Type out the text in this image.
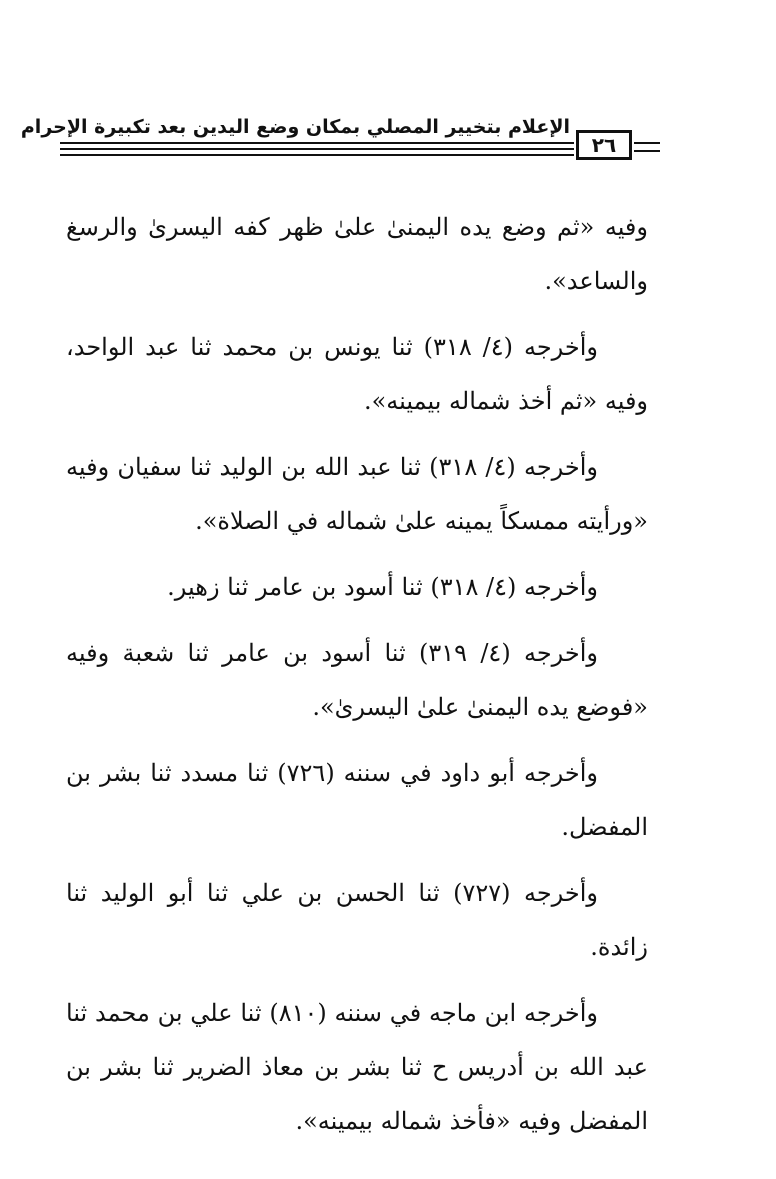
الإعلام بتخيير المصلي بمكان وضع اليدين بعد تكبيرة الإحرام
٢٦

وفيه «ثم وضع يده اليمنىٰ علىٰ ظهر كفه اليسرىٰ والرسغ والساعد».

وأخرجه (٤/ ٣١٨) ثنا يونس بن محمد ثنا عبد الواحد، وفيه «ثم أخذ شماله بيمينه».

وأخرجه (٤/ ٣١٨) ثنا عبد الله بن الوليد ثنا سفيان وفيه «ورأيته ممسكاً يمينه علىٰ شماله في الصلاة».

وأخرجه (٤/ ٣١٨) ثنا أسود بن عامر ثنا زهير.

وأخرجه (٤/ ٣١٩) ثنا أسود بن عامر ثنا شعبة وفيه «فوضع يده اليمنىٰ علىٰ اليسرىٰ».

وأخرجه أبو داود في سننه (٧٢٦) ثنا مسدد ثنا بشر بن المفضل.

وأخرجه (٧٢٧) ثنا الحسن بن علي ثنا أبو الوليد ثنا زائدة.

وأخرجه ابن ماجه في سننه (٨١٠) ثنا علي بن محمد ثنا عبد الله بن أدريس ح ثنا بشر بن معاذ الضرير ثنا بشر بن المفضل وفيه «فأخذ شماله بيمينه».
